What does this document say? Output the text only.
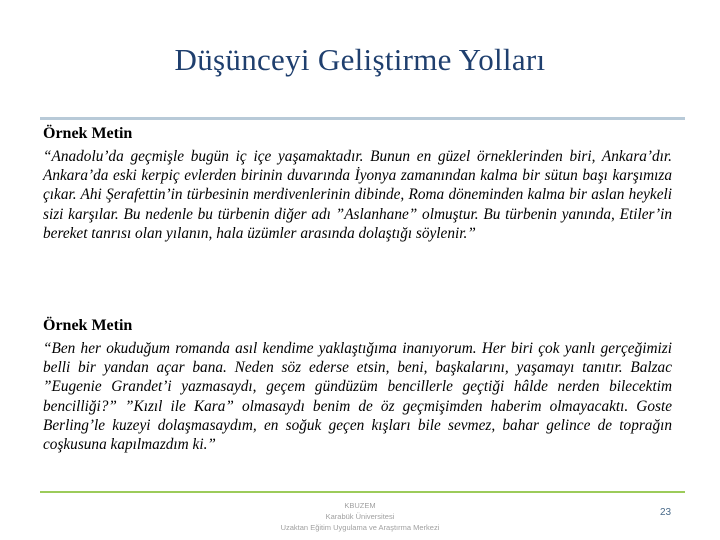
Düşünceyi Geliştirme Yolları

Örnek Metin

“Anadolu’da geçmişle bugün iç içe yaşamaktadır. Bunun en güzel örneklerinden biri, Ankara’dır. Ankara’da eski kerpiç evlerden birinin duvarında İyonya zamanından kalma bir sütun başı karşımıza çıkar. Ahi Şerafettin’in türbesinin merdivenlerinin dibinde, Roma döneminden kalma bir aslan heykeli sizi karşılar. Bu nedenle bu türbenin diğer adı ”Aslanhane” olmuştur. Bu türbenin yanında, Etiler’in bereket tanrısı olan yılanın, hala üzümler arasında dolaştığı söylenir.”

Örnek Metin

“Ben her okuduğum romanda asıl kendime yaklaştığıma inanıyorum. Her biri çok yanlı gerçeğimizi belli bir yandan açar bana. Neden söz ederse etsin, beni, başkalarını, yaşamayı tanıtır. Balzac ”Eugenie Grandet’i yazmasaydı, geçem gündüzüm bencillerle geçtiği hâlde nerden bilecektim bencilliği?” ”Kızıl ile Kara” olmasaydı benim de öz geçmişimden haberim olmayacaktı. Goste Berling’le kuzeyi dolaşmasaydım, en soğuk geçen kışları bile sevmez, bahar gelince de toprağın coşkusuna kapılmazdım ki.”

KBUZEM
Karabük Üniversitesi
Uzaktan Eğitim Uygulama ve Araştırma Merkezi
23
